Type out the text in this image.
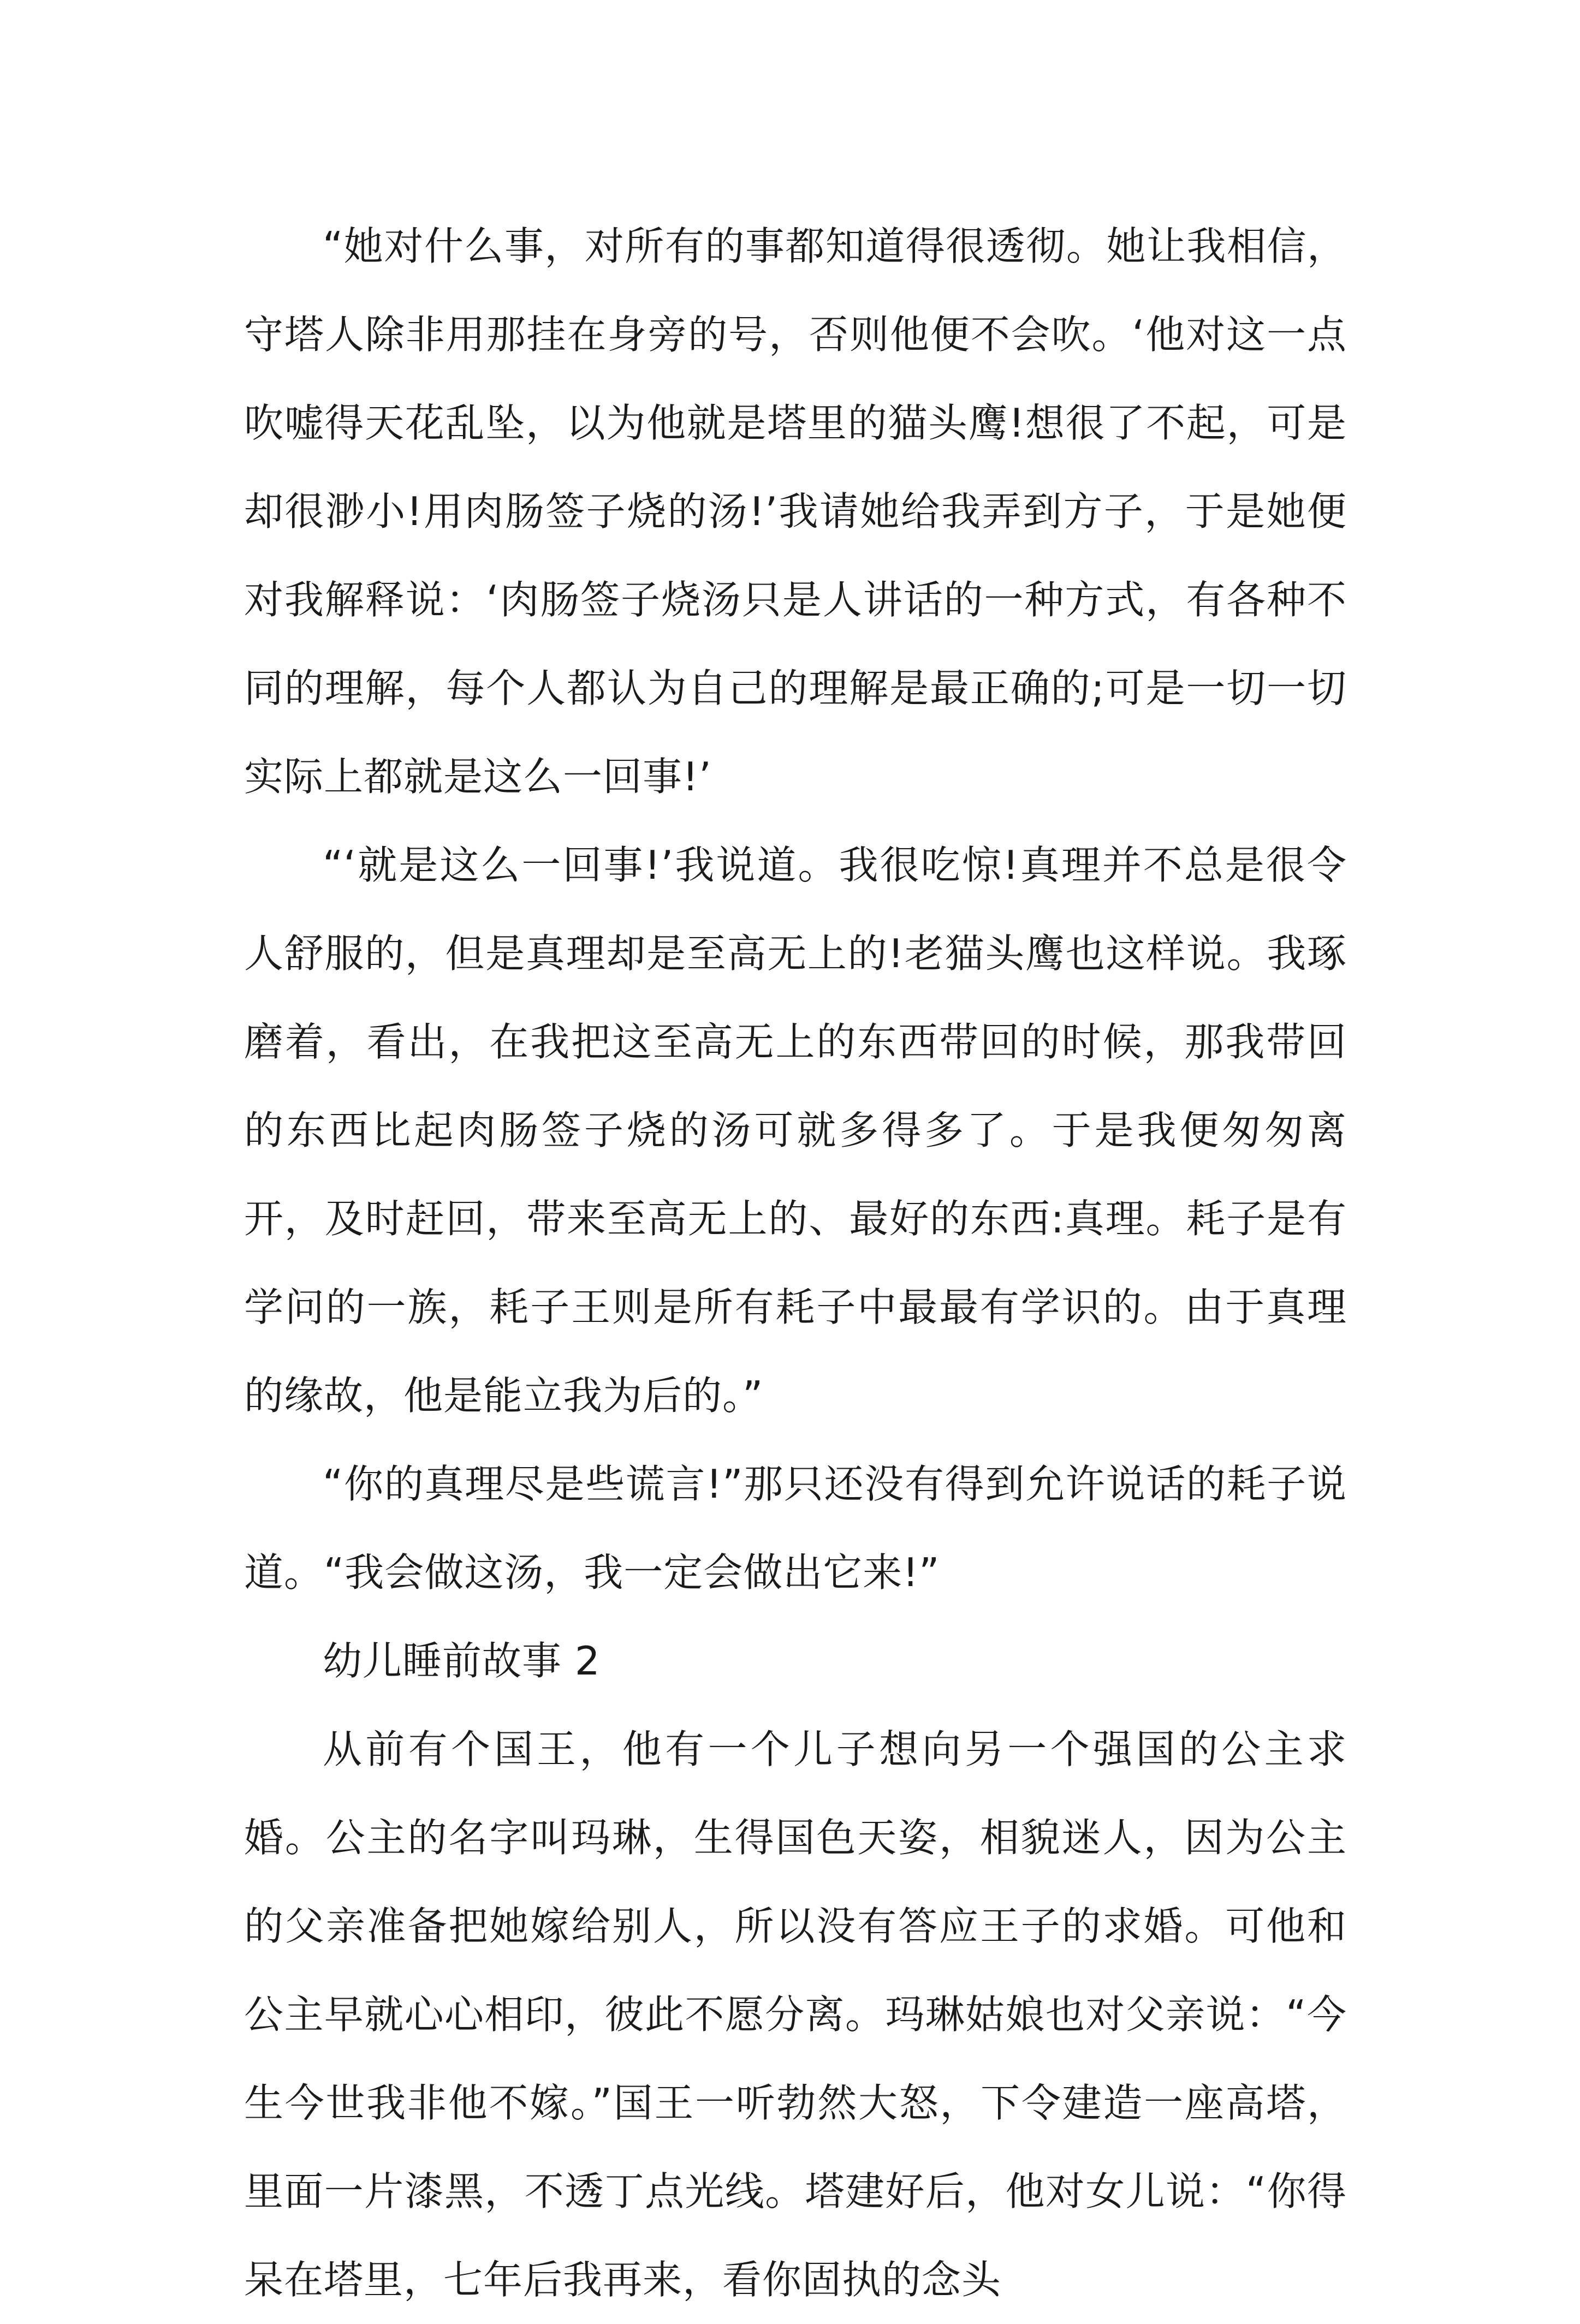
“她对什么事，对所有的事都知道得很透彻。她让我相信，守塔人除非用那挂在身旁的号，否则他便不会吹。‘他对这一点吹嘘得天花乱坠，以为他就是塔里的猫头鹰!想很了不起，可是却很渺小!用肉肠签子烧的汤!’我请她给我弄到方子，于是她便对我解释说：‘肉肠签子烧汤只是人讲话的一种方式，有各种不同的理解，每个人都认为自己的理解是最正确的;可是一切一切实际上都就是这么一回事!’

“‘就是这么一回事!’我说道。我很吃惊!真理并不总是很令人舒服的，但是真理却是至高无上的!老猫头鹰也这样说。我琢磨着，看出，在我把这至高无上的东西带回的时候，那我带回的东西比起肉肠签子烧的汤可就多得多了。于是我便匆匆离开，及时赶回，带来至高无上的、最好的东西:真理。耗子是有学问的一族，耗子王则是所有耗子中最最有学识的。由于真理的缘故，他是能立我为后的。”

“你的真理尽是些谎言!”那只还没有得到允许说话的耗子说道。“我会做这汤，我一定会做出它来!”

幼儿睡前故事 2

从前有个国王，他有一个儿子想向另一个强国的公主求婚。公主的名字叫玛琳，生得国色天姿，相貌迷人，因为公主的父亲准备把她嫁给别人，所以没有答应王子的求婚。可他和公主早就心心相印，彼此不愿分离。玛琳姑娘也对父亲说：“今生今世我非他不嫁。”国王一听勃然大怒，下令建造一座高塔，里面一片漆黑，不透丁点光线。塔建好后，他对女儿说：“你得呆在塔里，七年后我再来，看你固执的念头
